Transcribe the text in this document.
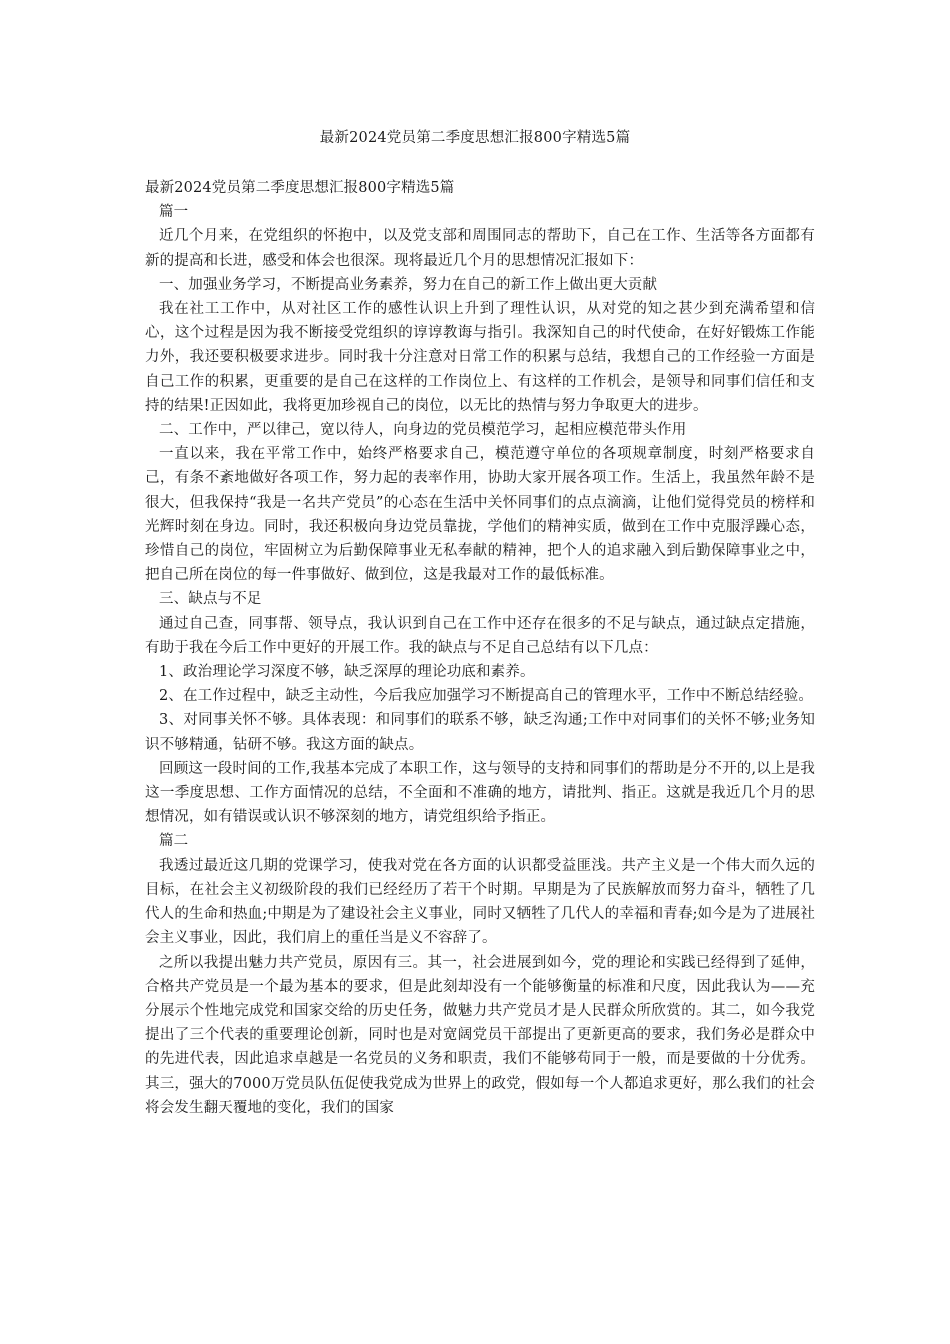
最新2024党员第二季度思想汇报800字精选5篇

最新2024党员第二季度思想汇报800字精选5篇

篇一

近几个月来，在党组织的怀抱中，以及党支部和周围同志的帮助下，自己在工作、生活等各方面都有新的提高和长进，感受和体会也很深。现将最近几个月的思想情况汇报如下：

一、加强业务学习，不断提高业务素养，努力在自己的新工作上做出更大贡献

我在社工工作中，从对社区工作的感性认识上升到了理性认识，从对党的知之甚少到充满希望和信心，这个过程是因为我不断接受党组织的谆谆教诲与指引。我深知自己的时代使命，在好好锻炼工作能力外，我还要积极要求进步。同时我十分注意对日常工作的积累与总结，我想自己的工作经验一方面是自己工作的积累，更重要的是自己在这样的工作岗位上、有这样的工作机会，是领导和同事们信任和支持的结果!正因如此，我将更加珍视自己的岗位，以无比的热情与努力争取更大的进步。

二、工作中，严以律己，宽以待人，向身边的党员模范学习，起相应模范带头作用

一直以来，我在平常工作中，始终严格要求自己，模范遵守单位的各项规章制度，时刻严格要求自己，有条不紊地做好各项工作，努力起的表率作用，协助大家开展各项工作。生活上，我虽然年龄不是很大，但我保持“我是一名共产党员”的心态在生活中关怀同事们的点点滴滴，让他们觉得党员的榜样和光辉时刻在身边。同时，我还积极向身边党员靠拢，学他们的精神实质，做到在工作中克服浮躁心态，珍惜自己的岗位，牢固树立为后勤保障事业无私奉献的精神，把个人的追求融入到后勤保障事业之中，把自己所在岗位的每一件事做好、做到位，这是我最对工作的最低标准。

三、缺点与不足

通过自己查，同事帮、领导点，我认识到自己在工作中还存在很多的不足与缺点，通过缺点定措施，有助于我在今后工作中更好的开展工作。我的缺点与不足自己总结有以下几点：

1、政治理论学习深度不够，缺乏深厚的理论功底和素养。

2、在工作过程中，缺乏主动性，今后我应加强学习不断提高自己的管理水平，工作中不断总结经验。

3、对同事关怀不够。具体表现：和同事们的联系不够，缺乏沟通;工作中对同事们的关怀不够;业务知识不够精通，钻研不够。我这方面的缺点。

回顾这一段时间的工作,我基本完成了本职工作，这与领导的支持和同事们的帮助是分不开的,以上是我这一季度思想、工作方面情况的总结，不全面和不准确的地方，请批判、指正。这就是我近几个月的思想情况，如有错误或认识不够深刻的地方，请党组织给予指正。

篇二

我透过最近这几期的党课学习，使我对党在各方面的认识都受益匪浅。共产主义是一个伟大而久远的目标，在社会主义初级阶段的我们已经经历了若干个时期。早期是为了民族解放而努力奋斗，牺牲了几代人的生命和热血;中期是为了建设社会主义事业，同时又牺牲了几代人的幸福和青春;如今是为了进展社会主义事业，因此，我们肩上的重任当是义不容辞了。

之所以我提出魅力共产党员，原因有三。其一，社会进展到如今，党的理论和实践已经得到了延伸，合格共产党员是一个最为基本的要求，但是此刻却没有一个能够衡量的标准和尺度，因此我认为——充分展示个性地完成党和国家交给的历史任务，做魅力共产党员才是人民群众所欣赏的。其二，如今我党提出了三个代表的重要理论创新，同时也是对宽阔党员干部提出了更新更高的要求，我们务必是群众中的先进代表，因此追求卓越是一名党员的义务和职责，我们不能够苟同于一般，而是要做的十分优秀。其三，强大的7000万党员队伍促使我党成为世界上的政党，假如每一个人都追求更好，那么我们的社会将会发生翻天覆地的变化，我们的国家
